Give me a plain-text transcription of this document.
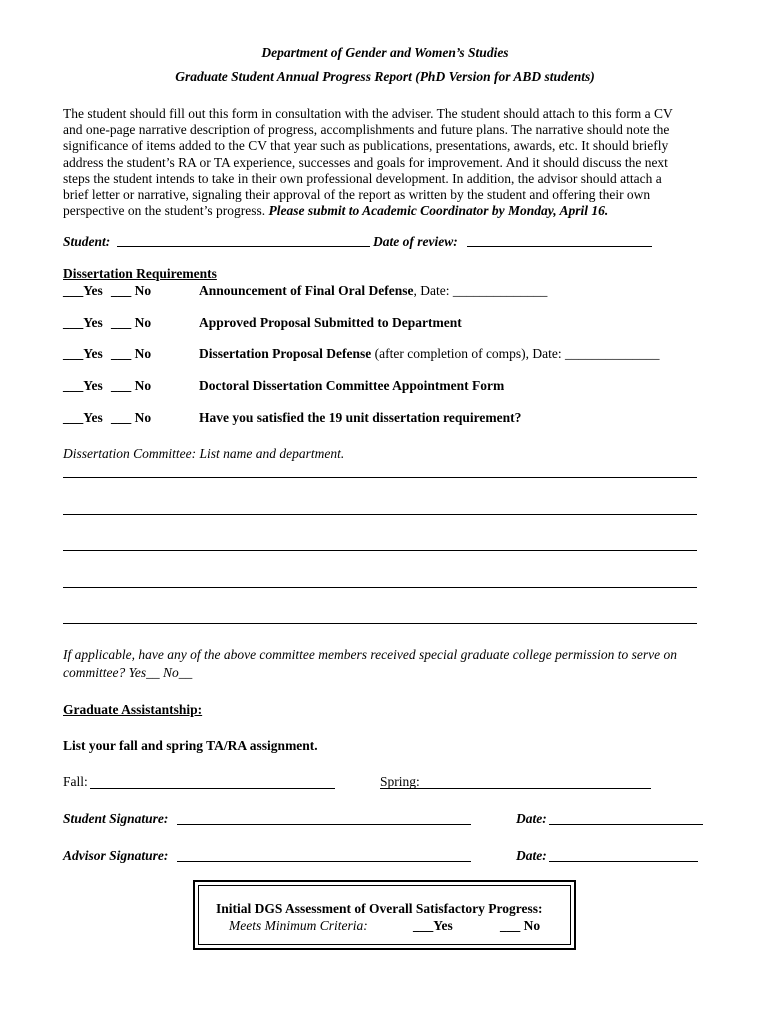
Department of Gender and Women’s Studies
Graduate Student Annual Progress Report (PhD Version for ABD students)
The student should fill out this form in consultation with the adviser. The student should attach to this form a CV
and one-page narrative description of progress, accomplishments and future plans. The narrative should note the
significance of items added to the CV that year such as publications, presentations, awards, etc. It should briefly
address the student’s RA or TA experience, successes and goals for improvement. And it should discuss the next
steps the student intends to take in their own professional development. In addition, the advisor should attach a
brief letter or narrative, signaling their approval of the report as written by the student and offering their own
perspective on the student’s progress. Please submit to Academic Coordinator by Monday, April 16.
Student:	Date of review:
Dissertation Requirements
___Yes ___ No	Announcement of Final Oral Defense, Date: ______________
___Yes ___ No	Approved Proposal Submitted to Department
___Yes ___ No	Dissertation Proposal Defense (after completion of comps), Date: ______________
___Yes ___ No	Doctoral Dissertation Committee Appointment Form
___Yes ___ No	Have you satisfied the 19 unit dissertation requirement?
Dissertation Committee: List name and department.
If applicable, have any of the above committee members received special graduate college permission to serve on
committee? Yes__ No__
Graduate Assistantship:
List your fall and spring TA/RA assignment.
Fall:	Spring:
Student Signature:	Date:
Advisor Signature:	Date:
Initial DGS Assessment of Overall Satisfactory Progress:
Meets Minimum Criteria:	___Yes	___ No
